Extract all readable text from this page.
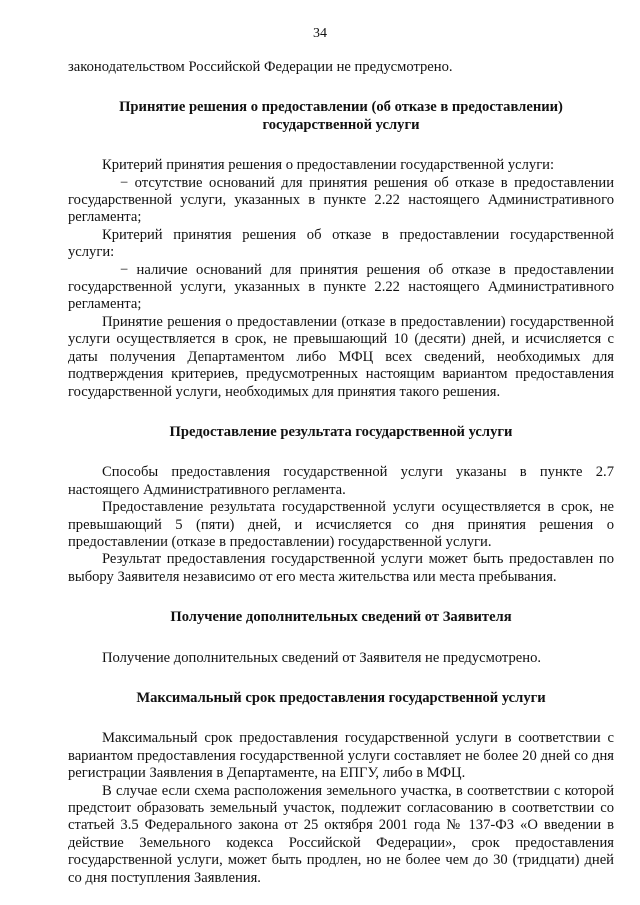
34

законодательством Российской Федерации не предусмотрено.

Принятие решения о предоставлении (об отказе в предоставлении)

государственной услуги

Критерий принятия решения о предоставлении государственной услуги:

− отсутствие оснований для принятия решения об отказе в предоставлении государственной услуги, указанных в пункте 2.22 настоящего Административного регламента;

Критерий принятия решения об отказе в предоставлении государственной услуги:

− наличие оснований для принятия решения об отказе в предоставлении государственной услуги, указанных в пункте 2.22 настоящего Административного регламента;

Принятие решения о предоставлении (отказе в предоставлении) государственной услуги осуществляется в срок, не превышающий 10 (десяти) дней, и исчисляется с даты получения Департаментом либо МФЦ всех сведений, необходимых для подтверждения критериев, предусмотренных настоящим вариантом предоставления государственной услуги, необходимых для принятия такого решения.

Предоставление результата государственной услуги

Способы предоставления государственной услуги указаны в пункте 2.7 настоящего Административного регламента.

Предоставление результата государственной услуги осуществляется в срок, не превышающий 5 (пяти) дней, и исчисляется со дня принятия решения о предоставлении (отказе в предоставлении) государственной услуги.

Результат предоставления государственной услуги может быть предоставлен по выбору Заявителя независимо от его места жительства или места пребывания.

Получение дополнительных сведений от Заявителя

Получение дополнительных сведений от Заявителя не предусмотрено.

Максимальный срок предоставления государственной услуги

Максимальный срок предоставления государственной услуги в соответствии с вариантом предоставления государственной услуги составляет не более 20 дней со дня регистрации Заявления в Департаменте, на ЕПГУ, либо в МФЦ.

В случае если схема расположения земельного участка, в соответствии с которой предстоит образовать земельный участок, подлежит согласованию в соответствии со статьей 3.5 Федерального закона от 25 октября 2001 года № 137-ФЗ «О введении в действие Земельного кодекса Российской Федерации», срок предоставления государственной услуги, может быть продлен, но не более чем до 30 (тридцати) дней со дня поступления Заявления.
